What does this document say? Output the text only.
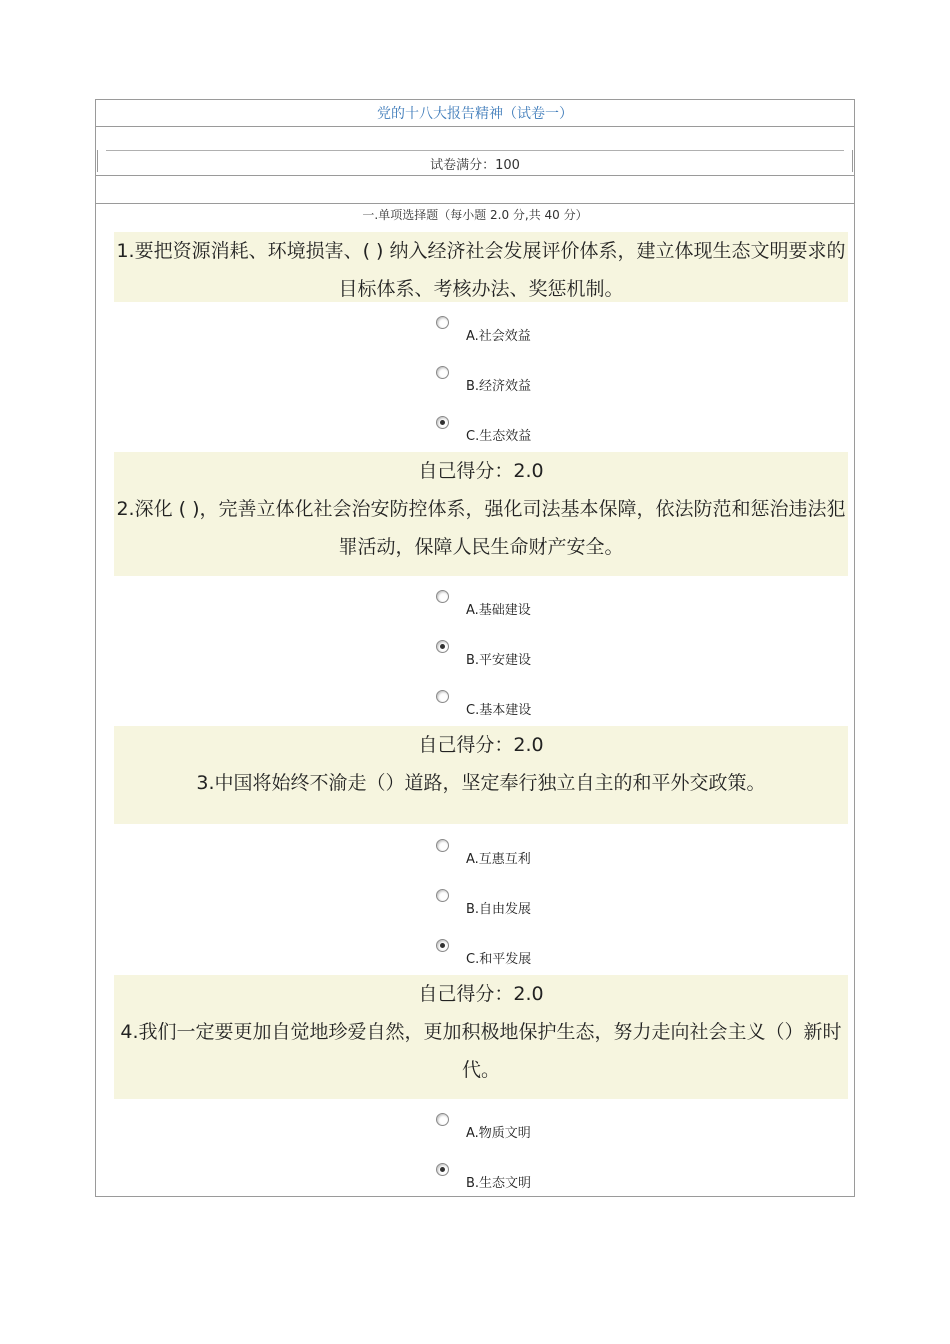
党的十八大报告精神（试卷一）
试卷满分：100
一.单项选择题（每小题 2.0 分,共 40 分）
1.要把资源消耗、环境损害、( ) 纳入经济社会发展评价体系，建立体现生态文明要求的目标体系、考核办法、奖惩机制。
A.社会效益
B.经济效益
C.生态效益
自己得分：2.0
2.深化 ( )，完善立体化社会治安防控体系，强化司法基本保障，依法防范和惩治违法犯罪活动，保障人民生命财产安全。
A.基础建设
B.平安建设
C.基本建设
自己得分：2.0
3.中国将始终不渝走（）道路，坚定奉行独立自主的和平外交政策。
A.互惠互利
B.自由发展
C.和平发展
自己得分：2.0
4.我们一定要更加自觉地珍爱自然，更加积极地保护生态，努力走向社会主义（）新时代。
A.物质文明
B.生态文明
